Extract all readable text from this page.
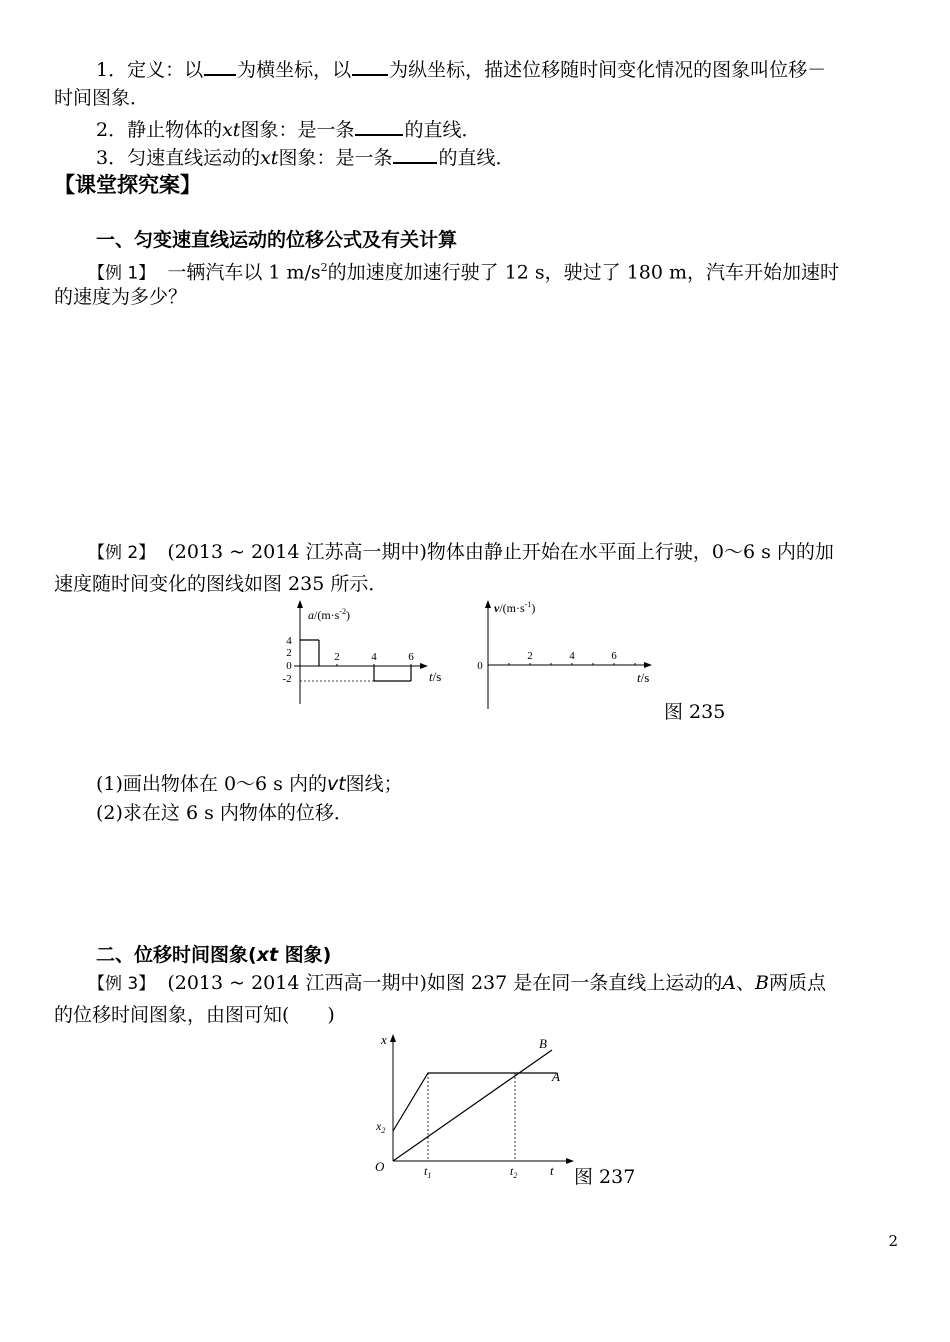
1．定义：以 为横坐标，以 为纵坐标，描述位移随时间变化情况的图象叫位移－
时间图象．
2．静止物体的xt图象：是一条	的直线．
3．匀速直线运动的xt图象：是一条 的直线．
【课堂探究案】
一、匀变速直线运动的位移公式及有关计算
【例 1】 一辆汽车以 1 $m/s^2$的加速度加速行驶了 12 s，驶过了 180 m，汽车开始加速时
的速度为多少？
【例 2】 (2013 ~ 2014 江苏高一期中)物体由静止开始在水平面上行驶，0～6 s 内的加
速度随时间变化的图线如图 235 所示．
$a/(m\cdot s^{-2})$
4
2
0
-2
2	4	6
t/s
$v/(m\cdot s^{-1})$
0
2	4	6
t/s
图 235
(1)画出物体在 0～6 s 内的vt图线；
(2)求在这 6 s 内物体的位移．
二、位移时间图象(xt 图象)
【例 3】 (2013 ~ 2014 江西高一期中)如图 237 是在同一条直线上运动的A、B两质点
的位移时间图象，由图可知(　　)
x
$x_2$
O	$t_1$	$t_2$	t
A
B
图 237
2
